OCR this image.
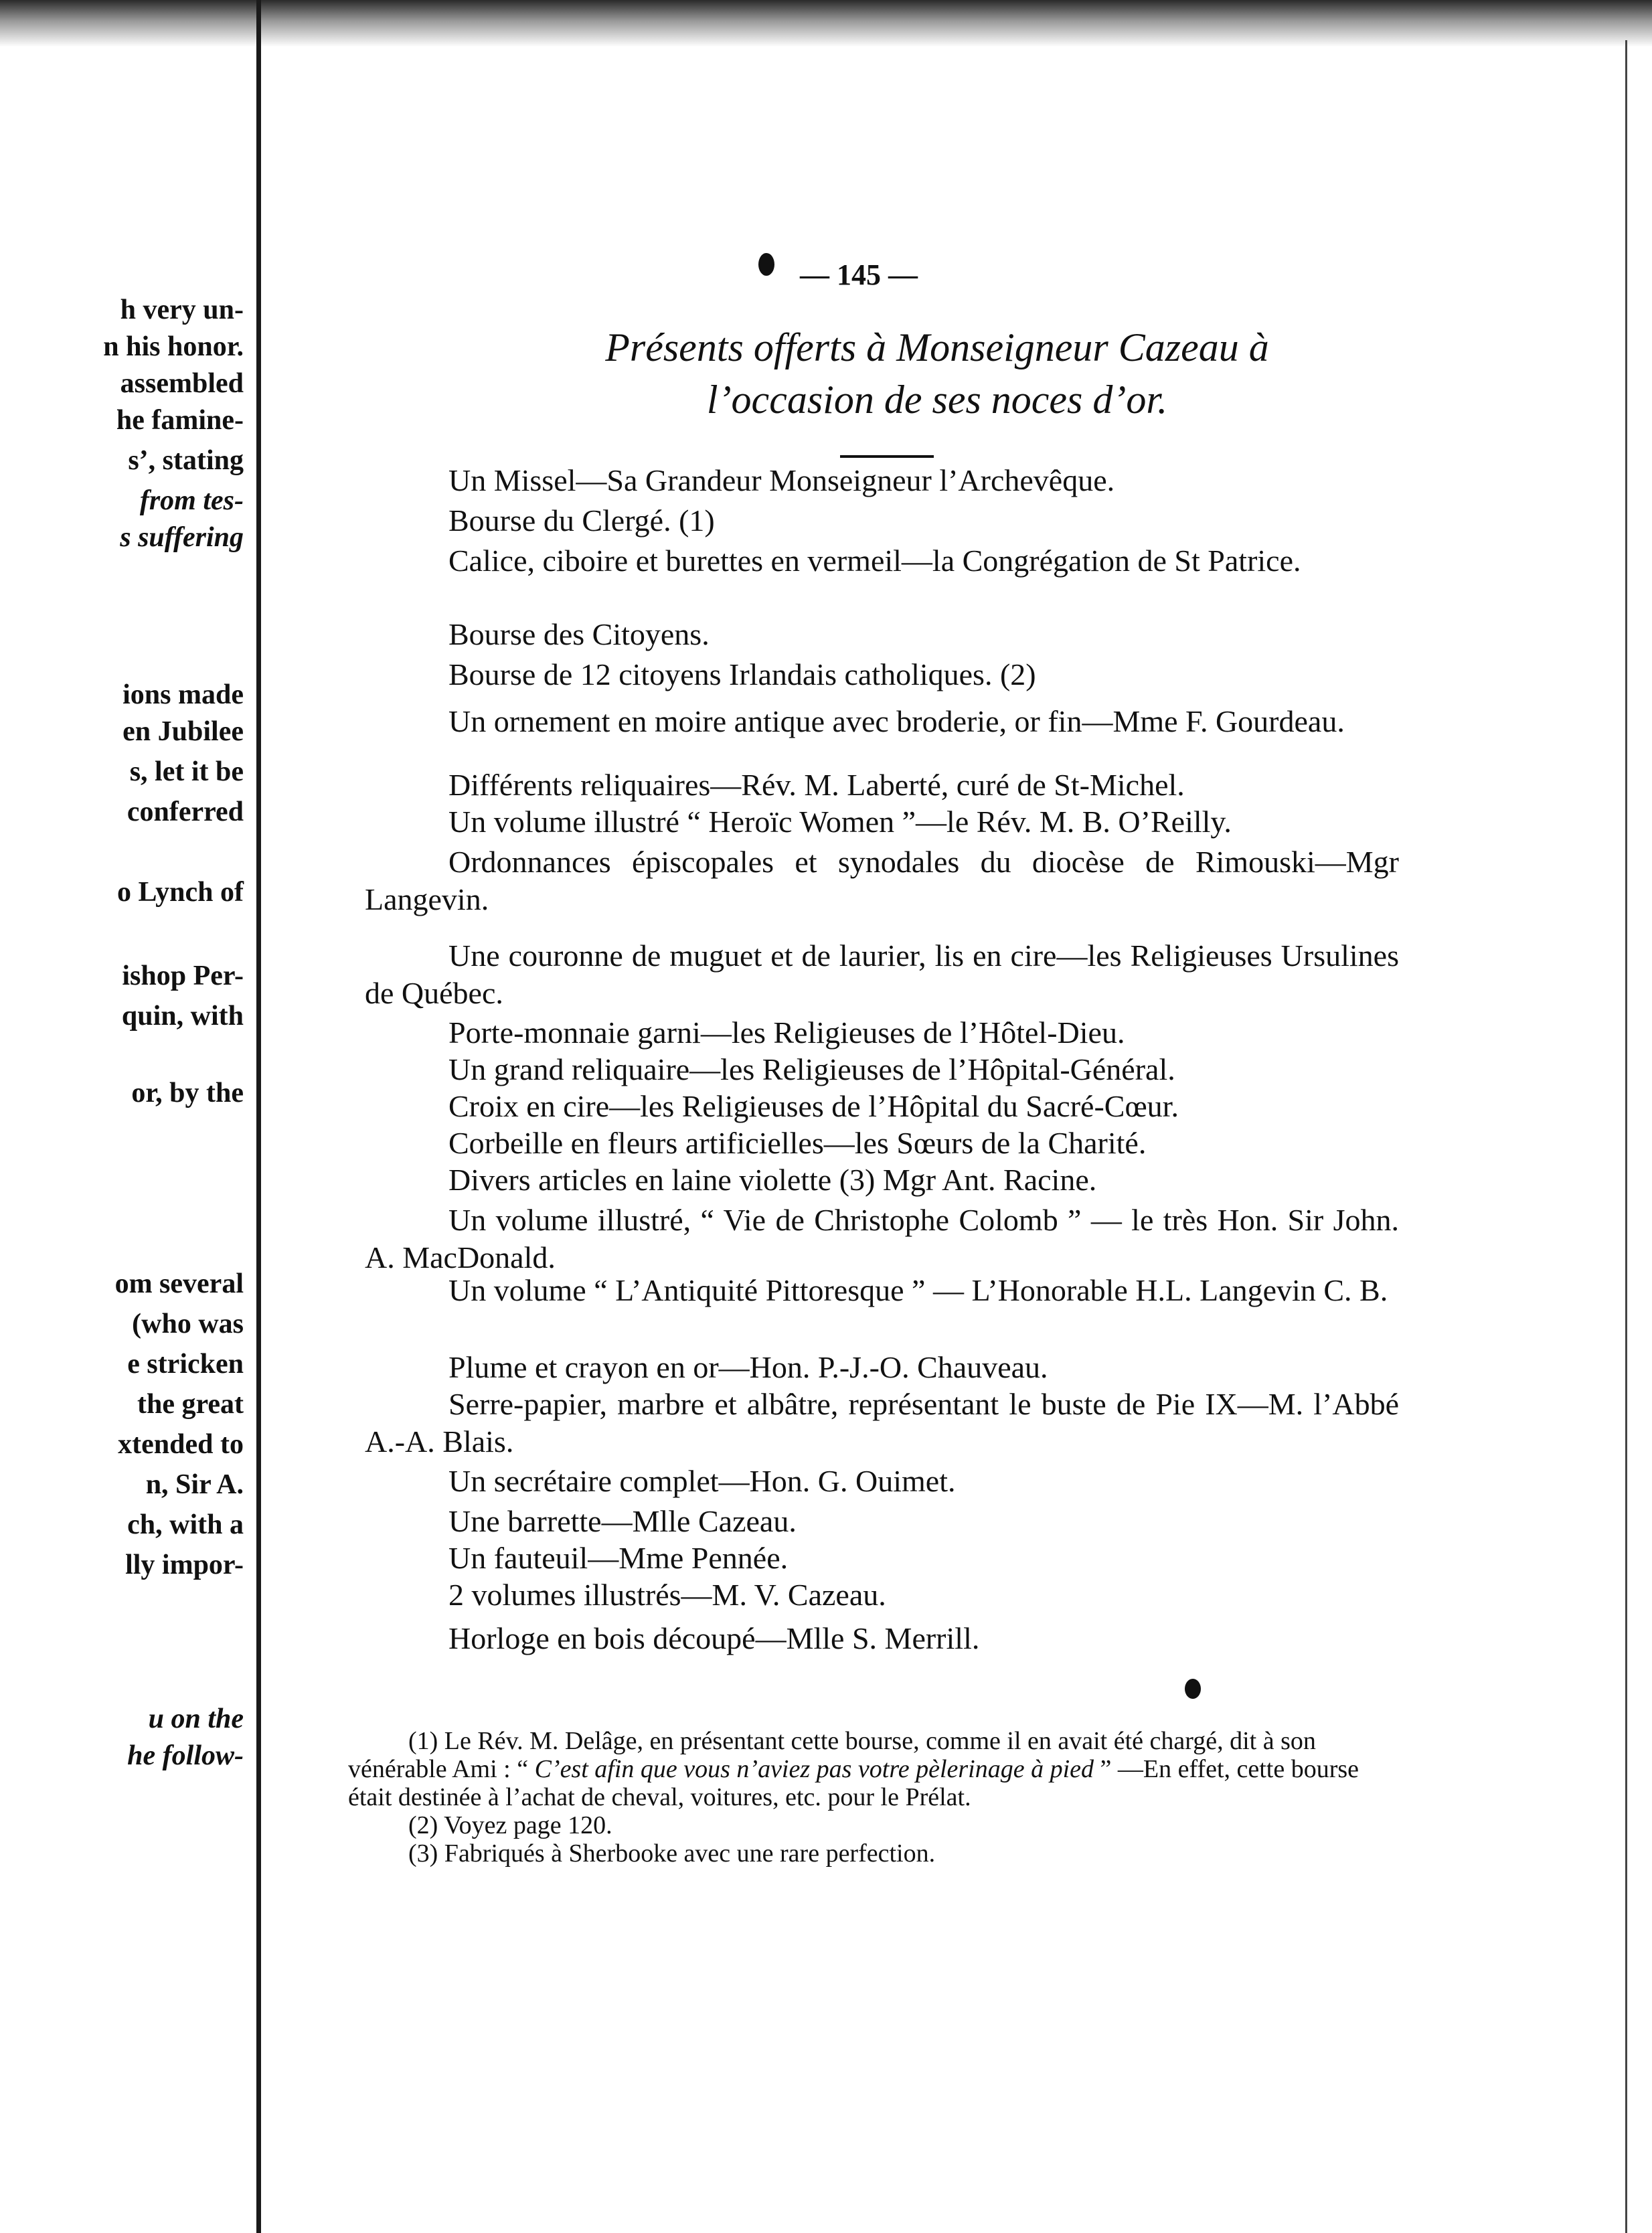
h very un-
n his honor.
assembled
he famine-
s’, stating
from tes-
s suffering
ions made
en Jubilee
s, let it be
conferred
o Lynch of
ishop Per-
quin, with
or, by the
om several
(who was
e stricken
the great
xtended to
n, Sir A.
ch, with a
lly impor-
u on the
he follow-
— 145 —
Présents offerts à Monseigneur Cazeau à
l’occasion de ses noces d’or.
Un Missel—Sa Grandeur Monseigneur l’Archevêque.
Bourse du Clergé. (1)
Calice, ciboire et burettes en vermeil—la Congrégation de St Patrice.
Bourse des Citoyens.
Bourse de 12 citoyens Irlandais catholiques. (2)
Un ornement en moire antique avec broderie, or fin—Mme F. Gourdeau.
Différents reliquaires—Rév. M. Laberté, curé de St-Michel.
Un volume illustré “ Heroïc Women ”—le Rév. M. B. O’Reilly.
Ordonnances épiscopales et synodales du diocèse de Rimouski—Mgr Langevin.
Une couronne de muguet et de laurier, lis en cire—les Religieuses Ursulines de Québec.
Porte-monnaie garni—les Religieuses de l’Hôtel-Dieu.
Un grand reliquaire—les Religieuses de l’Hôpital-Général.
Croix en cire—les Religieuses de l’Hôpital du Sacré-Cœur.
Corbeille en fleurs artificielles—les Sœurs de la Charité.
Divers articles en laine violette (3) Mgr Ant. Racine.
Un volume illustré, “ Vie de Christophe Colomb ” — le très Hon. Sir John. A. MacDonald.
Un volume “ L’Antiquité Pittoresque ” — L’Honorable H.L. Langevin C. B.
Plume et crayon en or—Hon. P.-J.-O. Chauveau.
Serre-papier, marbre et albâtre, représentant le buste de Pie IX—M. l’Abbé A.-A. Blais.
Un secrétaire complet—Hon. G. Ouimet.
Une barrette—Mlle Cazeau.
Un fauteuil—Mme Pennée.
2 volumes illustrés—M. V. Cazeau.
Horloge en bois découpé—Mlle S. Merrill.

(1) Le Rév. M. Delâge, en présentant cette bourse, comme il en avait été chargé, dit à son vénérable Ami : “ C’est afin que vous n’aviez pas votre pèlerinage à pied ” —En effet, cette bourse était destinée à l’achat de cheval, voitures, etc. pour le Prélat.

(2) Voyez page 120.

(3) Fabriqués à Sherbooke avec une rare perfection.
